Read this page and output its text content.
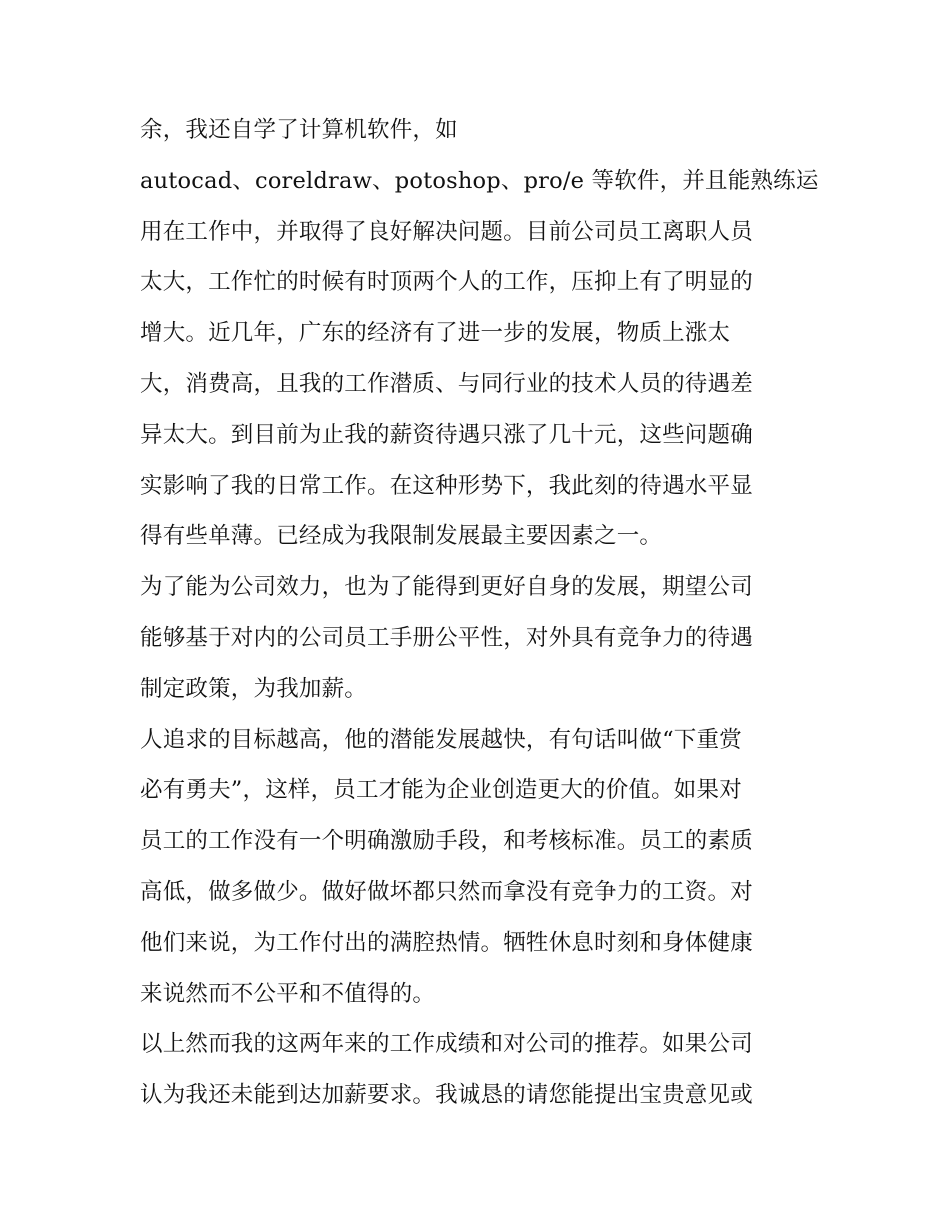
余，我还自学了计算机软件，如
autocad、coreldraw、potoshop、pro/e 等软件，并且能熟练运
用在工作中，并取得了良好解决问题。目前公司员工离职人员
太大，工作忙的时候有时顶两个人的工作，压抑上有了明显的
增大。近几年，广东的经济有了进一步的发展，物质上涨太
大，消费高，且我的工作潜质、与同行业的技术人员的待遇差
异太大。到目前为止我的薪资待遇只涨了几十元，这些问题确
实影响了我的日常工作。在这种形势下，我此刻的待遇水平显
得有些单薄。已经成为我限制发展最主要因素之一。
为了能为公司效力，也为了能得到更好自身的发展，期望公司
能够基于对内的公司员工手册公平性，对外具有竞争力的待遇
制定政策，为我加薪。
人追求的目标越高，他的潜能发展越快，有句话叫做“下重赏
必有勇夫”，这样，员工才能为企业创造更大的价值。如果对
员工的工作没有一个明确激励手段，和考核标准。员工的素质
高低，做多做少。做好做坏都只然而拿没有竞争力的工资。对
他们来说，为工作付出的满腔热情。牺牲休息时刻和身体健康
来说然而不公平和不值得的。
以上然而我的这两年来的工作成绩和对公司的推荐。如果公司
认为我还未能到达加薪要求。我诚恳的请您能提出宝贵意见或
